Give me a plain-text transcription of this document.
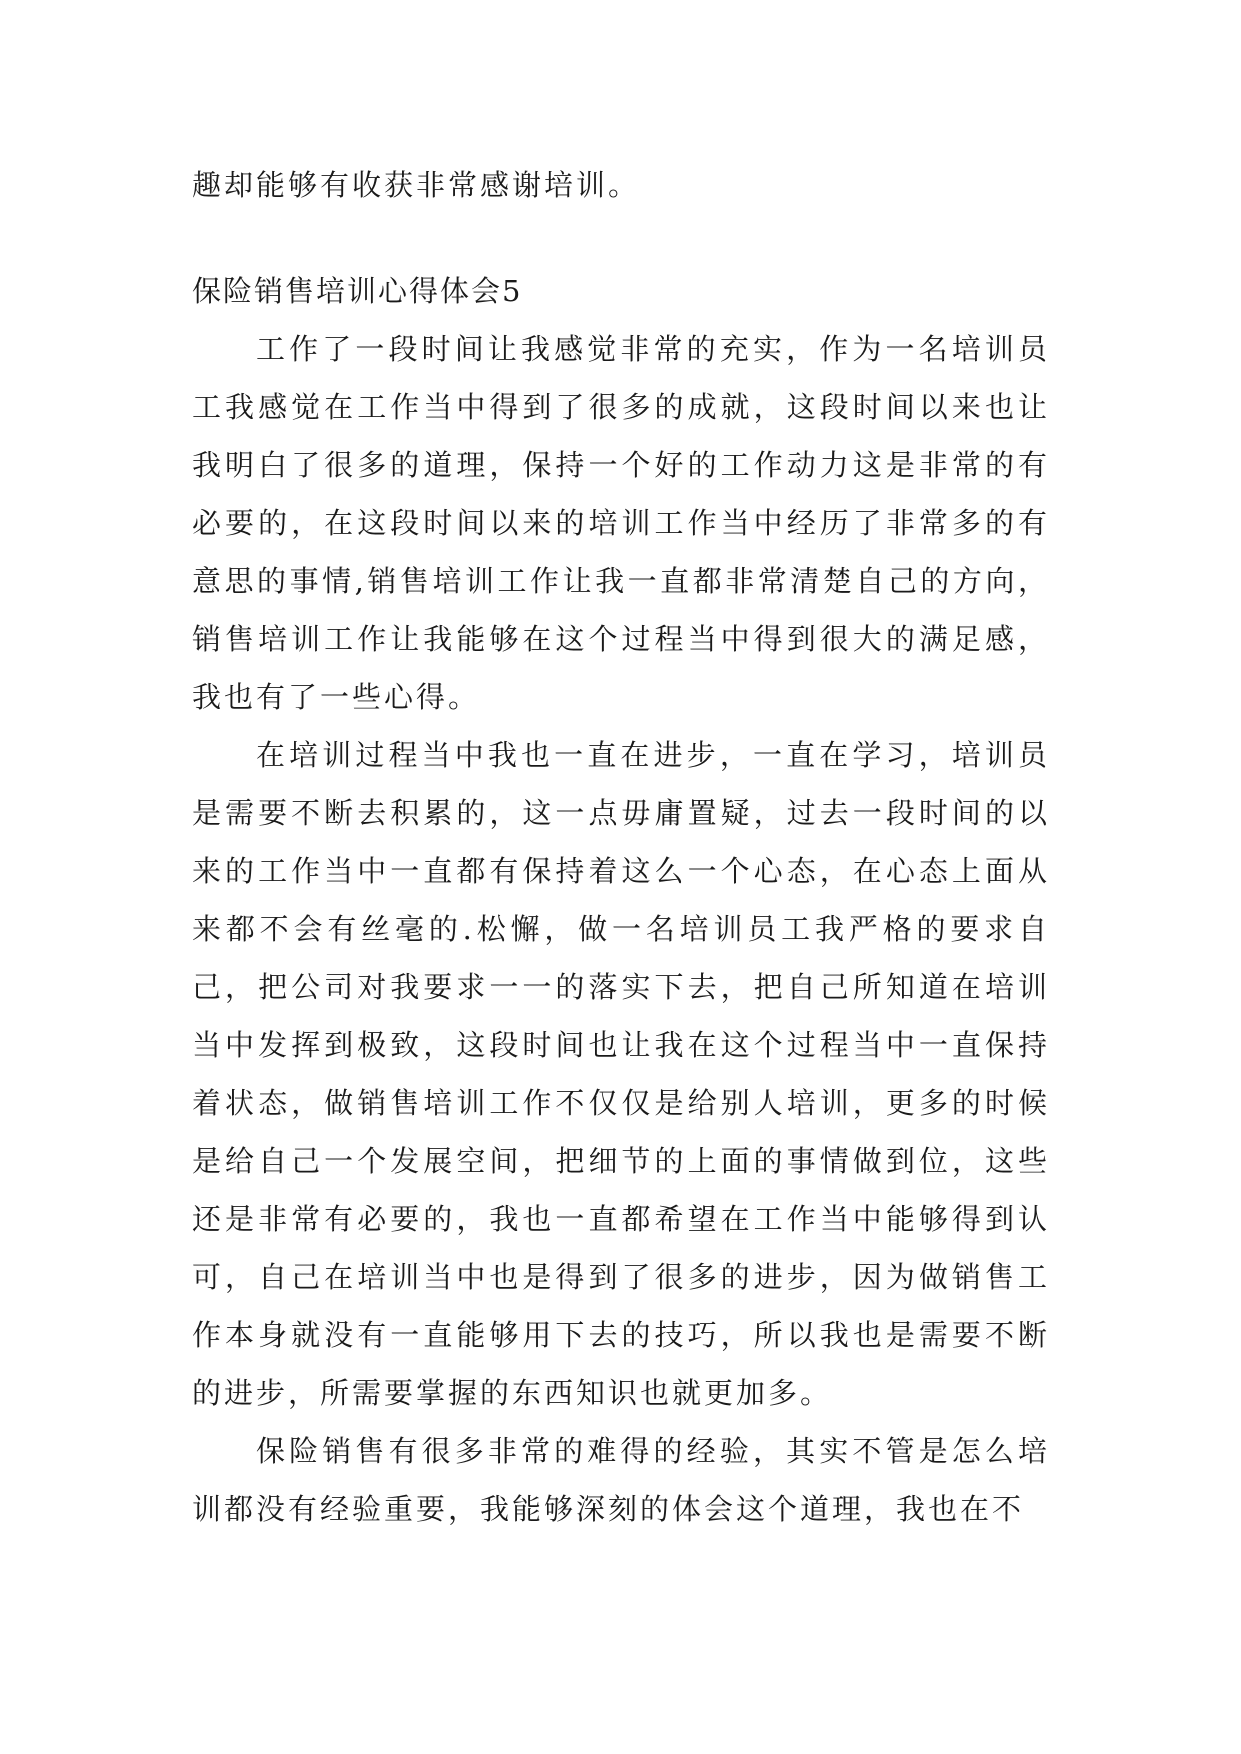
趣却能够有收获非常感谢培训。
保险销售培训心得体会5

工作了一段时间让我感觉非常的充实，作为一名培训员工我感觉在工作当中得到了很多的成就，这段时间以来也让我明白了很多的道理，保持一个好的工作动力这是非常的有必要的，在这段时间以来的培训工作当中经历了非常多的有意思的事情,销售培训工作让我一直都非常清楚自己的方向，销售培训工作让我能够在这个过程当中得到很大的满足感，我也有了一些心得。

在培训过程当中我也一直在进步，一直在学习，培训员是需要不断去积累的，这一点毋庸置疑，过去一段时间的以来的工作当中一直都有保持着这么一个心态，在心态上面从来都不会有丝毫的.松懈，做一名培训员工我严格的要求自己，把公司对我要求一一的落实下去，把自己所知道在培训当中发挥到极致，这段时间也让我在这个过程当中一直保持着状态，做销售培训工作不仅仅是给别人培训，更多的时候是给自己一个发展空间，把细节的上面的事情做到位，这些还是非常有必要的，我也一直都希望在工作当中能够得到认可，自己在培训当中也是得到了很多的进步，因为做销售工作本身就没有一直能够用下去的技巧，所以我也是需要不断的进步，所需要掌握的东西知识也就更加多。

保险销售有很多非常的难得的经验，其实不管是怎么培训都没有经验重要，我能够深刻的体会这个道理，我也在不
